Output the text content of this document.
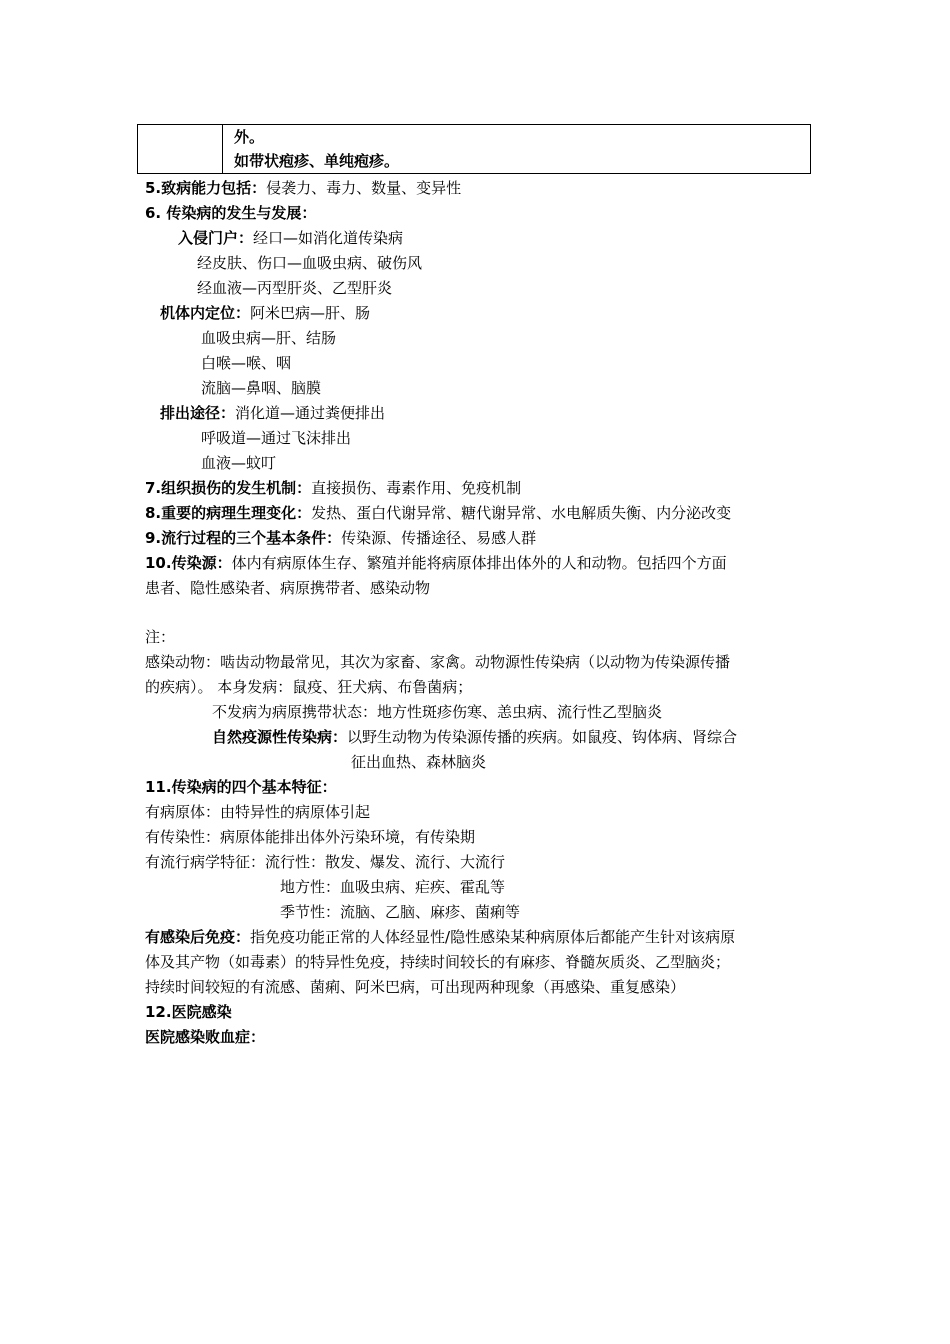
外。
如带状疱疹、单纯疱疹。
5.致病能力包括：侵袭力、毒力、数量、变异性
6. 传染病的发生与发展：
入侵门户：经口—如消化道传染病
经皮肤、伤口—血吸虫病、破伤风
经血液—丙型肝炎、乙型肝炎
机体内定位：阿米巴病—肝、肠
血吸虫病—肝、结肠
白喉—喉、咽
流脑—鼻咽、脑膜
排出途径：消化道—通过粪便排出
呼吸道—通过飞沫排出
血液—蚊叮
7.组织损伤的发生机制：直接损伤、毒素作用、免疫机制
8.重要的病理生理变化：发热、蛋白代谢异常、糖代谢异常、水电解质失衡、内分泌改变
9.流行过程的三个基本条件：传染源、传播途径、易感人群
10.传染源：体内有病原体生存、繁殖并能将病原体排出体外的人和动物。包括四个方面
患者、隐性感染者、病原携带者、感染动物
注：
感染动物：啮齿动物最常见，其次为家畜、家禽。动物源性传染病（以动物为传染源传播
的疾病）。 本身发病：鼠疫、狂犬病、布鲁菌病；
不发病为病原携带状态：地方性斑疹伤寒、恙虫病、流行性乙型脑炎
自然疫源性传染病：以野生动物为传染源传播的疾病。如鼠疫、钩体病、肾综合
征出血热、森林脑炎
11.传染病的四个基本特征：
有病原体：由特异性的病原体引起
有传染性：病原体能排出体外污染环境，有传染期
有流行病学特征：流行性：散发、爆发、流行、大流行
地方性：血吸虫病、疟疾、霍乱等
季节性：流脑、乙脑、麻疹、菌痢等
有感染后免疫：指免疫功能正常的人体经显性/隐性感染某种病原体后都能产生针对该病原
体及其产物（如毒素）的特异性免疫，持续时间较长的有麻疹、脊髓灰质炎、乙型脑炎；
持续时间较短的有流感、菌痢、阿米巴病，可出现两种现象（再感染、重复感染）
12.医院感染
医院感染败血症：
